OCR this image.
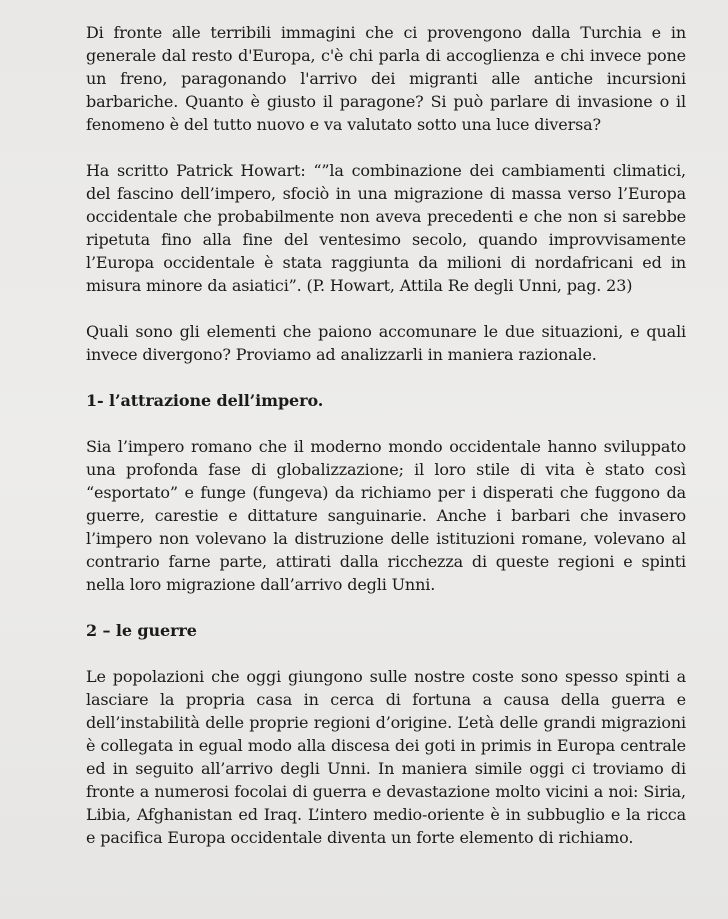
Di fronte alle terribili immagini che ci provengono dalla Turchia e in generale dal resto d'Europa, c'è chi parla di accoglienza e chi invece pone un freno, paragonando l'arrivo dei migranti alle antiche incursioni barbariche. Quanto è giusto il paragone? Si può parlare di invasione o il fenomeno è del tutto nuovo e va valutato sotto una luce diversa?

Ha scritto Patrick Howart: “”la combinazione dei cambiamenti climatici, del fascino dell’impero, sfociò in una migrazione di massa verso l’Europa occidentale che probabilmente non aveva precedenti e che non si sarebbe ripetuta fino alla fine del ventesimo secolo, quando improvvisamente l’Europa occidentale è stata raggiunta da milioni di nordafricani ed in misura minore da asiatici”. (P. Howart, Attila Re degli Unni, pag. 23)

Quali sono gli elementi che paiono accomunare le due situazioni, e quali invece divergono? Proviamo ad analizzarli in maniera razionale.

1- l’attrazione dell’impero.

Sia l’impero romano che il moderno mondo occidentale hanno sviluppato una profonda fase di globalizzazione; il loro stile di vita è stato così “esportato” e funge (fungeva) da richiamo per i disperati che fuggono da guerre, carestie e dittature sanguinarie. Anche i barbari che invasero l’impero non volevano la distruzione delle istituzioni romane, volevano al contrario farne parte, attirati dalla ricchezza di queste regioni e spinti nella loro migrazione dall’arrivo degli Unni.

2 – le guerre

Le popolazioni che oggi giungono sulle nostre coste sono spesso spinti a lasciare la propria casa in cerca di fortuna a causa della guerra e dell’instabilità delle proprie regioni d’origine. L’età delle grandi migrazioni è collegata in egual modo alla discesa dei goti in primis in Europa centrale ed in seguito all’arrivo degli Unni. In maniera simile oggi ci troviamo di fronte a numerosi focolai di guerra e devastazione molto vicini a noi: Siria, Libia, Afghanistan ed Iraq. L’intero medio-oriente è in subbuglio e la ricca e pacifica Europa occidentale diventa un forte elemento di richiamo.
